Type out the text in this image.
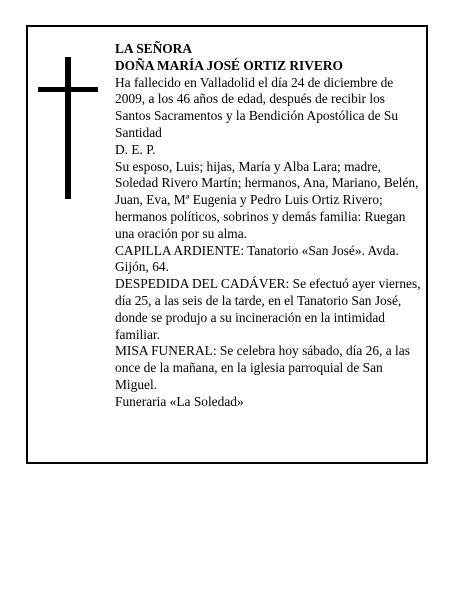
LA SEÑORA

DOÑA MARÍA JOSÉ ORTIZ RIVERO

Ha fallecido en Valladolid el día 24 de diciembre de 2009, a los 46 años de edad, después de recibir los Santos Sacramentos y la Bendición Apostólica de Su Santidad

D. E. P.

Su esposo, Luis; hijas, María y Alba Lara; madre, Soledad Rivero Martín; hermanos, Ana, Mariano, Belén, Juan, Eva, Mª Eugenia y Pedro Luis Ortiz Rivero; hermanos políticos, sobrinos y demás familia: Ruegan una oración por su alma.

CAPILLA ARDIENTE: Tanatorio «San José». Avda. Gijón, 64.

DESPEDIDA DEL CADÁVER: Se efectuó ayer viernes, día 25, a las seis de la tarde, en el Tanatorio San José, donde se produjo a su incineración en la intimidad familiar.

MISA FUNERAL: Se celebra hoy sábado, día 26, a las once de la mañana, en la iglesia parroquial de San Miguel.

Funeraria «La Soledad»
